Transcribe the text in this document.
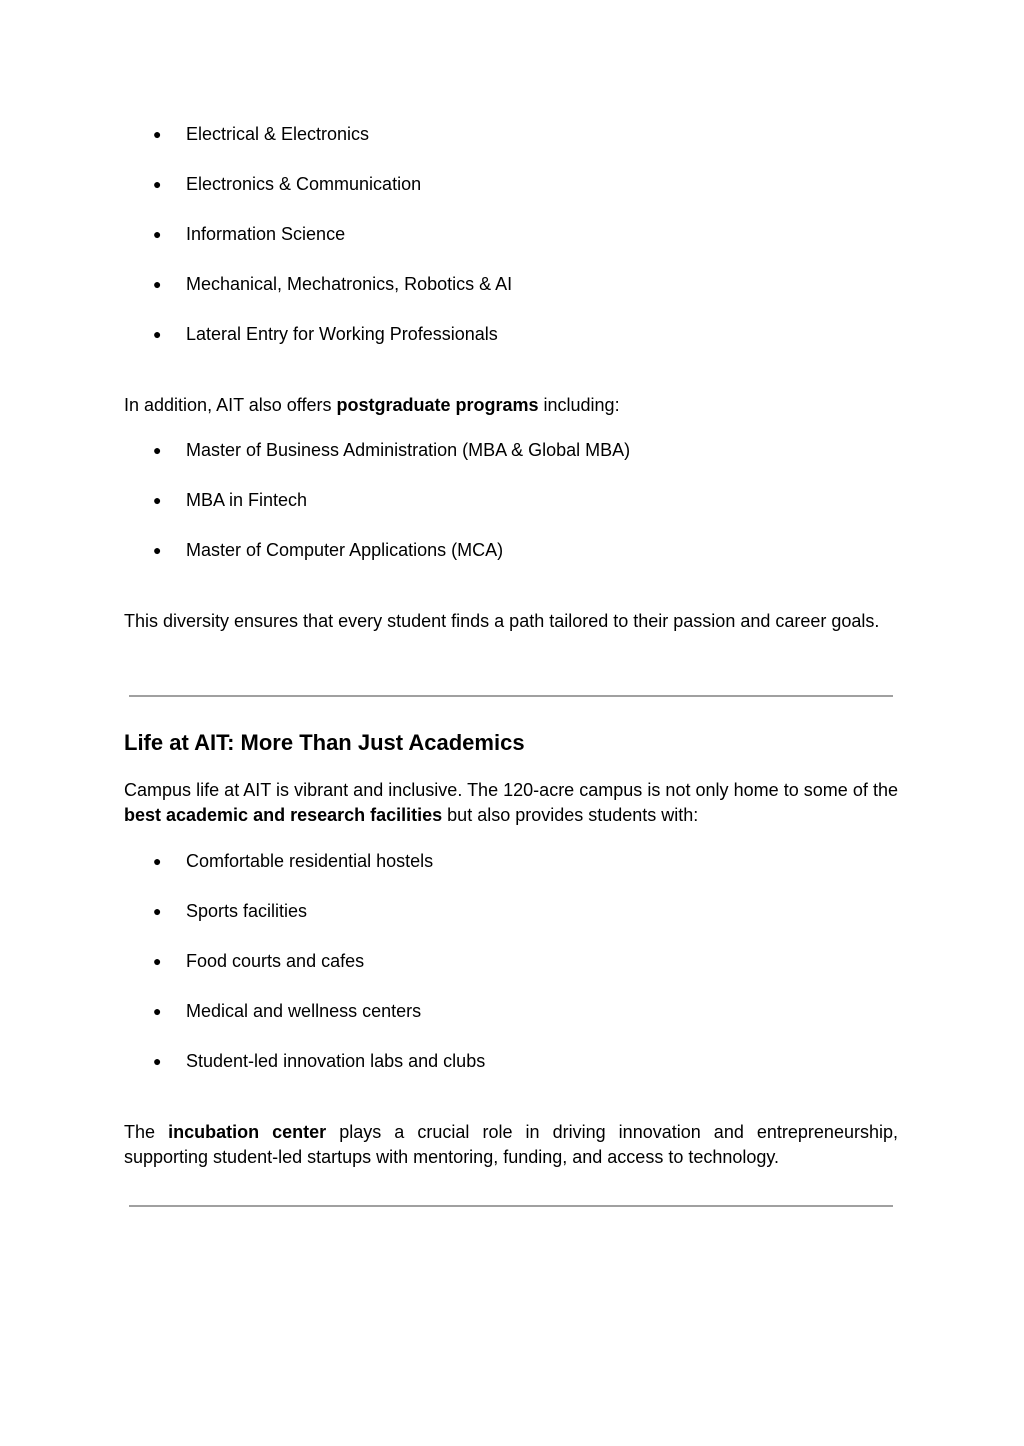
● Electrical & Electronics
● Electronics & Communication
● Information Science
● Mechanical, Mechatronics, Robotics & AI
● Lateral Entry for Working Professionals

In addition, AIT also offers postgraduate programs including:

● Master of Business Administration (MBA & Global MBA)
● MBA in Fintech
● Master of Computer Applications (MCA)

This diversity ensures that every student finds a path tailored to their passion and career goals.

Life at AIT: More Than Just Academics

Campus life at AIT is vibrant and inclusive. The 120-acre campus is not only home to some of the best academic and research facilities but also provides students with:

● Comfortable residential hostels
● Sports facilities
● Food courts and cafes
● Medical and wellness centers
● Student-led innovation labs and clubs

The incubation center plays a crucial role in driving innovation and entrepreneurship, supporting student-led startups with mentoring, funding, and access to technology.
